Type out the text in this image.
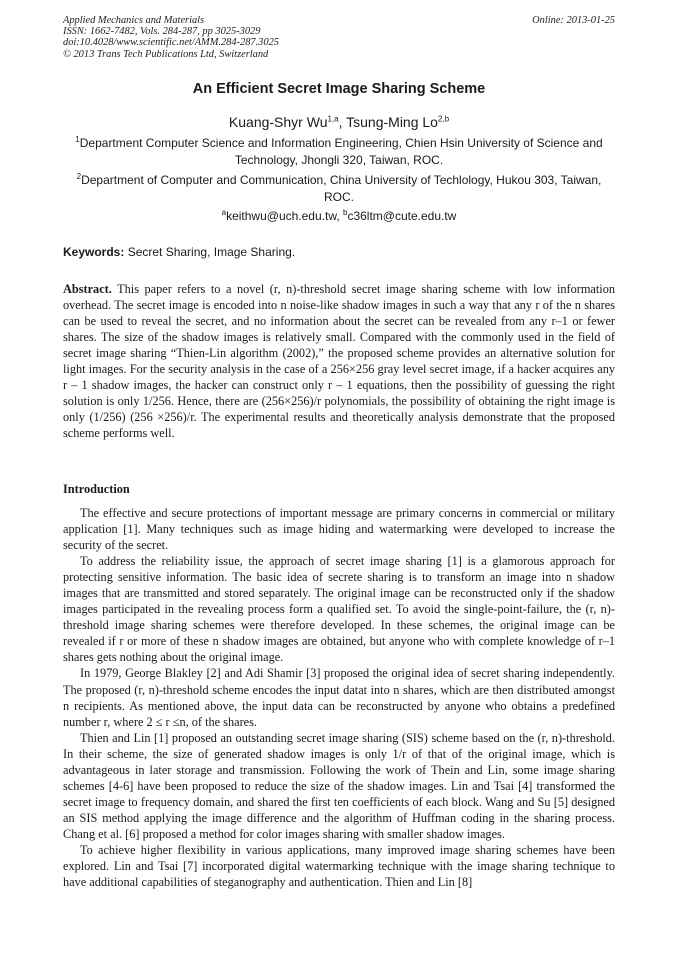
Applied Mechanics and Materials
ISSN: 1662-7482, Vols. 284-287, pp 3025-3029
doi:10.4028/www.scientific.net/AMM.284-287.3025
© 2013 Trans Tech Publications Ltd, Switzerland
Online: 2013-01-25
An Efficient Secret Image Sharing Scheme
Kuang-Shyr Wu$^{1,a}$, Tsung-Ming Lo$^{2,b}$
$^1$Department Computer Science and Information Engineering, Chien Hsin University of Science and Technology, Jhongli 320, Taiwan, ROC.
$^2$Department of Computer and Communication, China University of Techlology, Hukou 303, Taiwan, ROC.
$^a$keithwu@uch.edu.tw, $^b$c36ltm@cute.edu.tw
Keywords: Secret Sharing, Image Sharing.
Abstract. This paper refers to a novel (r, n)-threshold secret image sharing scheme with low information overhead. The secret image is encoded into n noise-like shadow images in such a way that any r of the n shares can be used to reveal the secret, and no information about the secret can be revealed from any r–1 or fewer shares. The size of the shadow images is relatively small. Compared with the commonly used in the field of secret image sharing “Thien-Lin algorithm (2002),” the proposed scheme provides an alternative solution for light images. For the security analysis in the case of a 256×256 gray level secret image, if a hacker acquires any r – 1 shadow images, the hacker can construct only r – 1 equations, then the possibility of guessing the right solution is only 1/256. Hence, there are (256×256)/r polynomials, the possibility of obtaining the right image is only (1/256) (256 ×256)/r. The experimental results and theoretically analysis demonstrate that the proposed scheme performs well.
Introduction

The effective and secure protections of important message are primary concerns in commercial or military application [1]. Many techniques such as image hiding and watermarking were developed to increase the security of the secret.

To address the reliability issue, the approach of secret image sharing [1] is a glamorous approach for protecting sensitive information. The basic idea of secrete sharing is to transform an image into n shadow images that are transmitted and stored separately. The original image can be reconstructed only if the shadow images participated in the revealing process form a qualified set. To avoid the single-point-failure, the (r, n)-threshold image sharing schemes were therefore developed. In these schemes, the original image can be revealed if r or more of these n shadow images are obtained, but anyone who with complete knowledge of r–1 shares gets nothing about the original image.

In 1979, George Blakley [2] and Adi Shamir [3] proposed the original idea of secret sharing independently. The proposed (r, n)-threshold scheme encodes the input datat into n shares, which are then distributed amongst n recipients. As mentioned above, the input data can be reconstructed by anyone who obtains a predefined number r, where 2 ≤ r ≤n, of the shares.

Thien and Lin [1] proposed an outstanding secret image sharing (SIS) scheme based on the (r, n)-threshold. In their scheme, the size of generated shadow images is only 1/r of that of the original image, which is advantageous in later storage and transmission. Following the work of Thein and Lin, some image sharing schemes [4-6] have been proposed to reduce the size of the shadow images. Lin and Tsai [4] transformed the secret image to frequency domain, and shared the first ten coefficients of each block. Wang and Su [5] designed an SIS method applying the image difference and the algorithm of Huffman coding in the sharing process. Chang et al. [6] proposed a method for color images sharing with smaller shadow images.

To achieve higher flexibility in various applications, many improved image sharing schemes have been explored. Lin and Tsai [7] incorporated digital watermarking technique with the image sharing technique to have additional capabilities of steganography and authentication. Thien and Lin [8]
